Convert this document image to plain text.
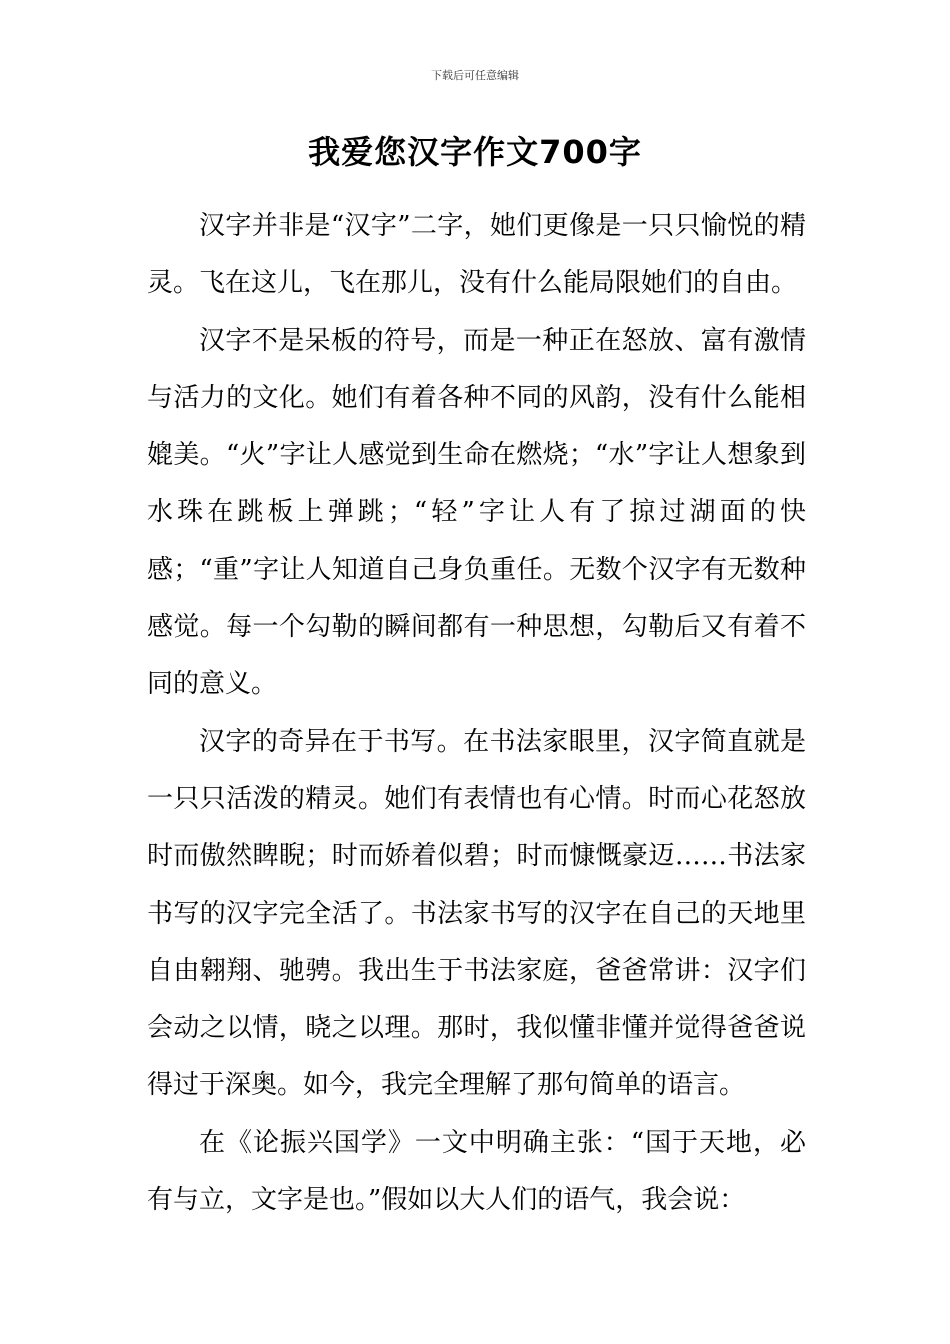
下载后可任意编辑
我爱您汉字作文700字

汉字并非是“汉字”二字，她们更像是一只只愉悦的精灵。飞在这儿，飞在那儿，没有什么能局限她们的自由。

汉字不是呆板的符号，而是一种正在怒放、富有激情与活力的文化。她们有着各种不同的风韵，没有什么能相媲美。“火”字让人感觉到生命在燃烧；“水”字让人想象到水珠在跳板上弹跳；“轻”字让人有了掠过湖面的快感；“重”字让人知道自己身负重任。无数个汉字有无数种感觉。每一个勾勒的瞬间都有一种思想，勾勒后又有着不同的意义。

汉字的奇异在于书写。在书法家眼里，汉字简直就是一只只活泼的精灵。她们有表情也有心情。时而心花怒放时而傲然睥睨；时而娇着似碧；时而慷慨豪迈……书法家书写的汉字完全活了。书法家书写的汉字在自己的天地里自由翱翔、驰骋。我出生于书法家庭，爸爸常讲：汉字们会动之以情，晓之以理。那时，我似懂非懂并觉得爸爸说得过于深奥。如今，我完全理解了那句简单的语言。

在《论振兴国学》一文中明确主张：“国于天地，必有与立，文字是也。”假如以大人们的语气，我会说：
